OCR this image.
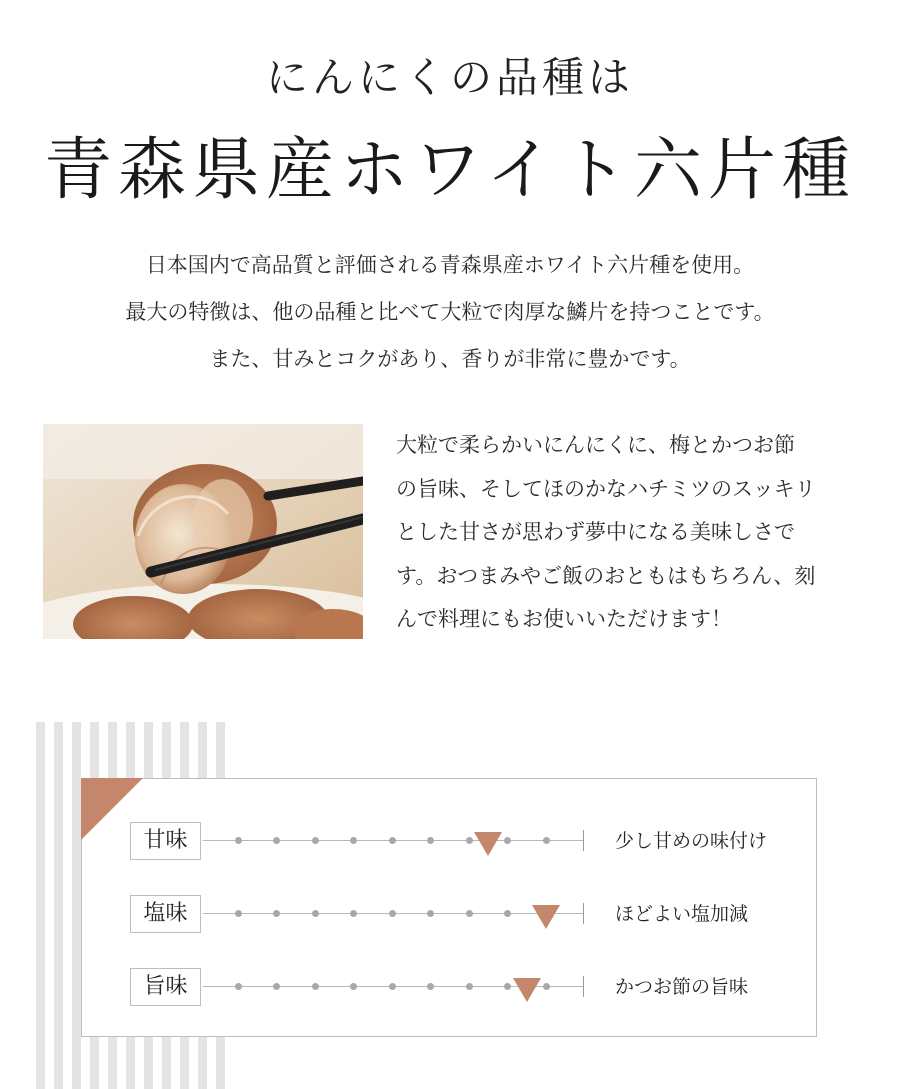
にんにくの品種は
青森県産ホワイト六片種
日本国内で高品質と評価される青森県産ホワイト六片種を使用。
最大の特徴は、他の品種と比べて大粒で肉厚な鱗片を持つことです。
また、甘みとコクがあり、香りが非常に豊かです。
大粒で柔らかいにんにくに、梅とかつお節
の旨味、そしてほのかなハチミツのスッキリ
とした甘さが思わず夢中になる美味しさで
す。おつまみやご飯のおともはもちろん、刻
んで料理にもお使いいただけます！
甘味	少し甘めの味付け
塩味	ほどよい塩加減
旨味	かつお節の旨味
